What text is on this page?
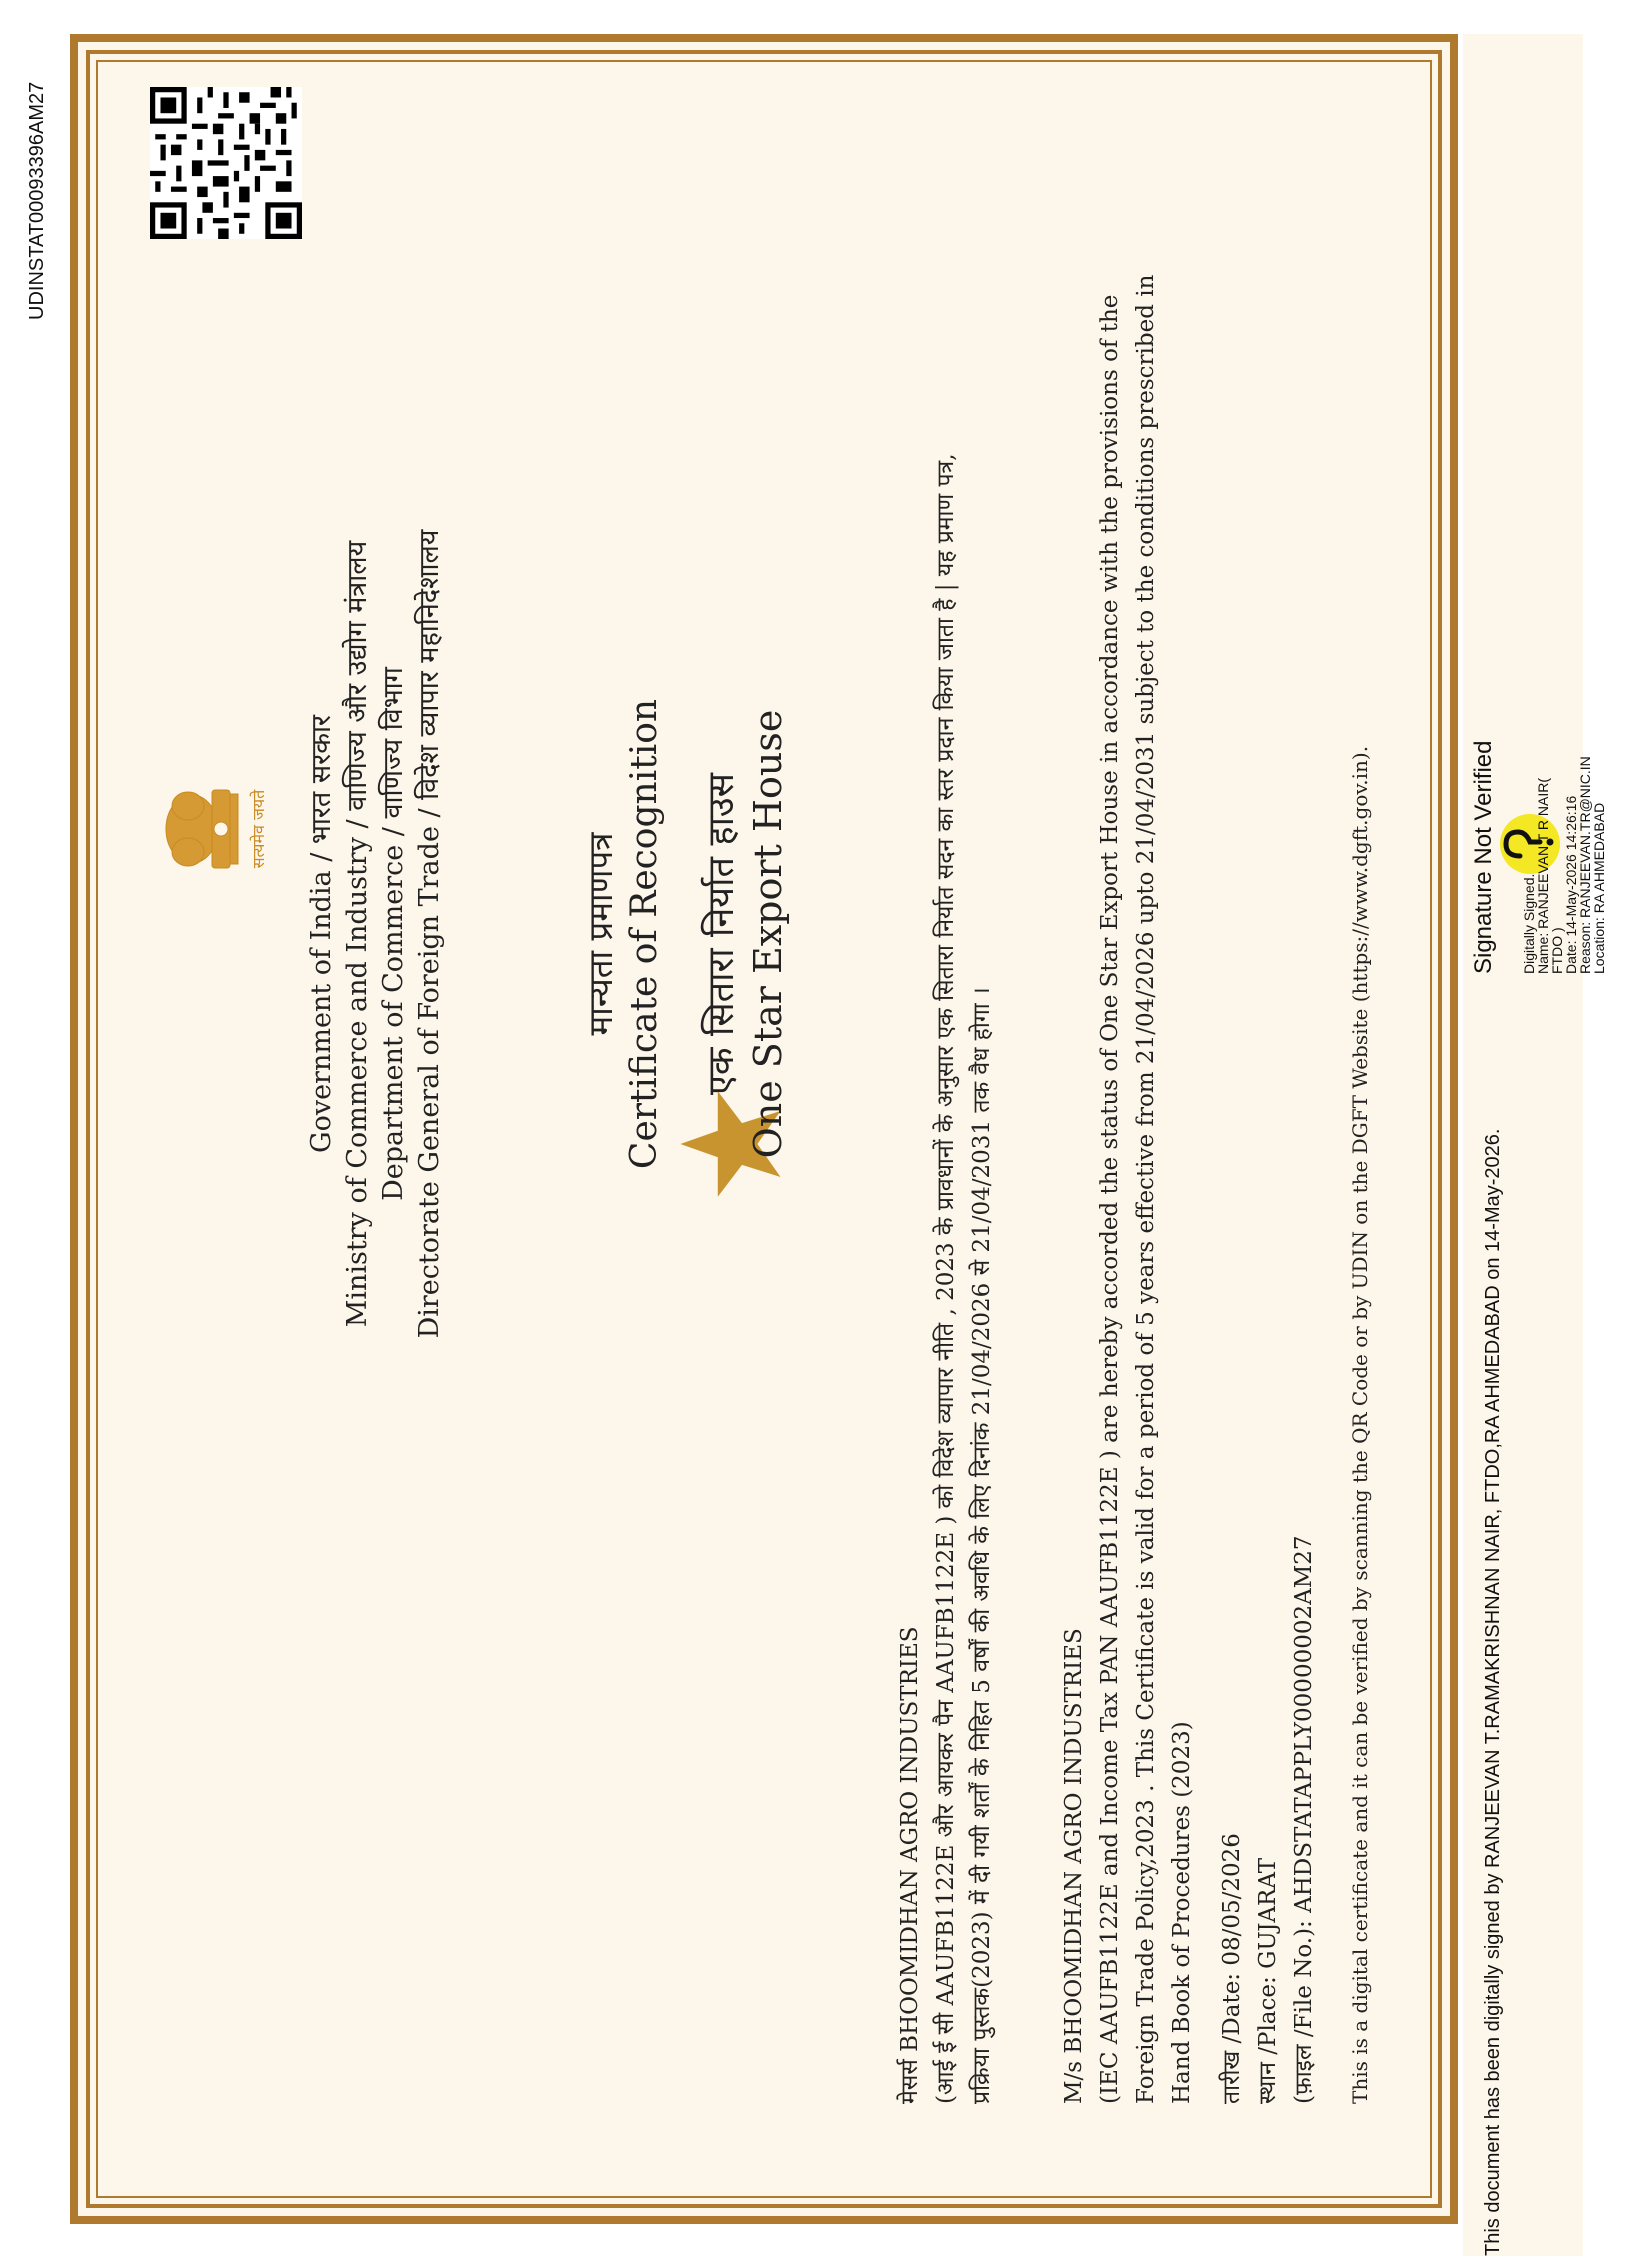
UDINSTAT00093396AM27
This document has been digitally signed by RANJEEVAN T.RAMAKRISHNAN NAIR, FTDO,RA AHMEDABAD on 14-May-2026.
सत्यमेव जयते Government of India / भारत सरकार Ministry of Commerce and Industry / वाणिज्य और उद्योग मंत्रालय Department of Commerce / वाणिज्य विभाग Directorate General of Foreign Trade / विदेश व्यापार महानिदेशालय	मान्यता प्रमाणपत्र Certificate of Recognition एक सितारा निर्यात हाउस One Star Export House
मेसर्स BHOOMIDHAN AGRO INDUSTRIES (आई ई सी AAUFB1122E और आयकर पैन AAUFB1122E ) को विदेश व्यापार नीति , 2023 के प्रावधानों के अनुसार एक सितारा निर्यात सदन का स्तर प्रदान किया जाता है | यह प्रमाण पत्र, प्रक्रिया पुस्तक(2023) में दी गयी शर्तों के निहित 5 वर्षों की अवधि के लिए दिनांक 21/04/2026 से 21/04/2031 तक वैध होगा ।	M/s BHOOMIDHAN AGRO INDUSTRIES (IEC AAUFB1122E and Income Tax PAN AAUFB1122E ) are hereby accorded the status of One Star Export House in accordance with the provisions of the Foreign Trade Policy,2023 . This Certificate is valid for a period of 5 years effective from 21/04/2026 upto 21/04/2031 subject to the conditions prescribed in Hand Book of Procedures (2023) तारीख /Date: 08/05/2026 स्थान /Place: GUJARAT (फ़ाइल /File No.): AHDSTATAPPLY00000002AM27 This is a digital certificate and it can be verified by scanning the QR Code or by UDIN on the DGFT Website (https://www.dgft.gov.in).	Signature Not Verified Digitally Signed.
Name: RANJEEVAN T R NAIR(
FTDO )
Date: 14-May-2026 14:26:16
Reason: RANJEEVAN.TR@NIC.IN
Location: RA AHMEDABAD
